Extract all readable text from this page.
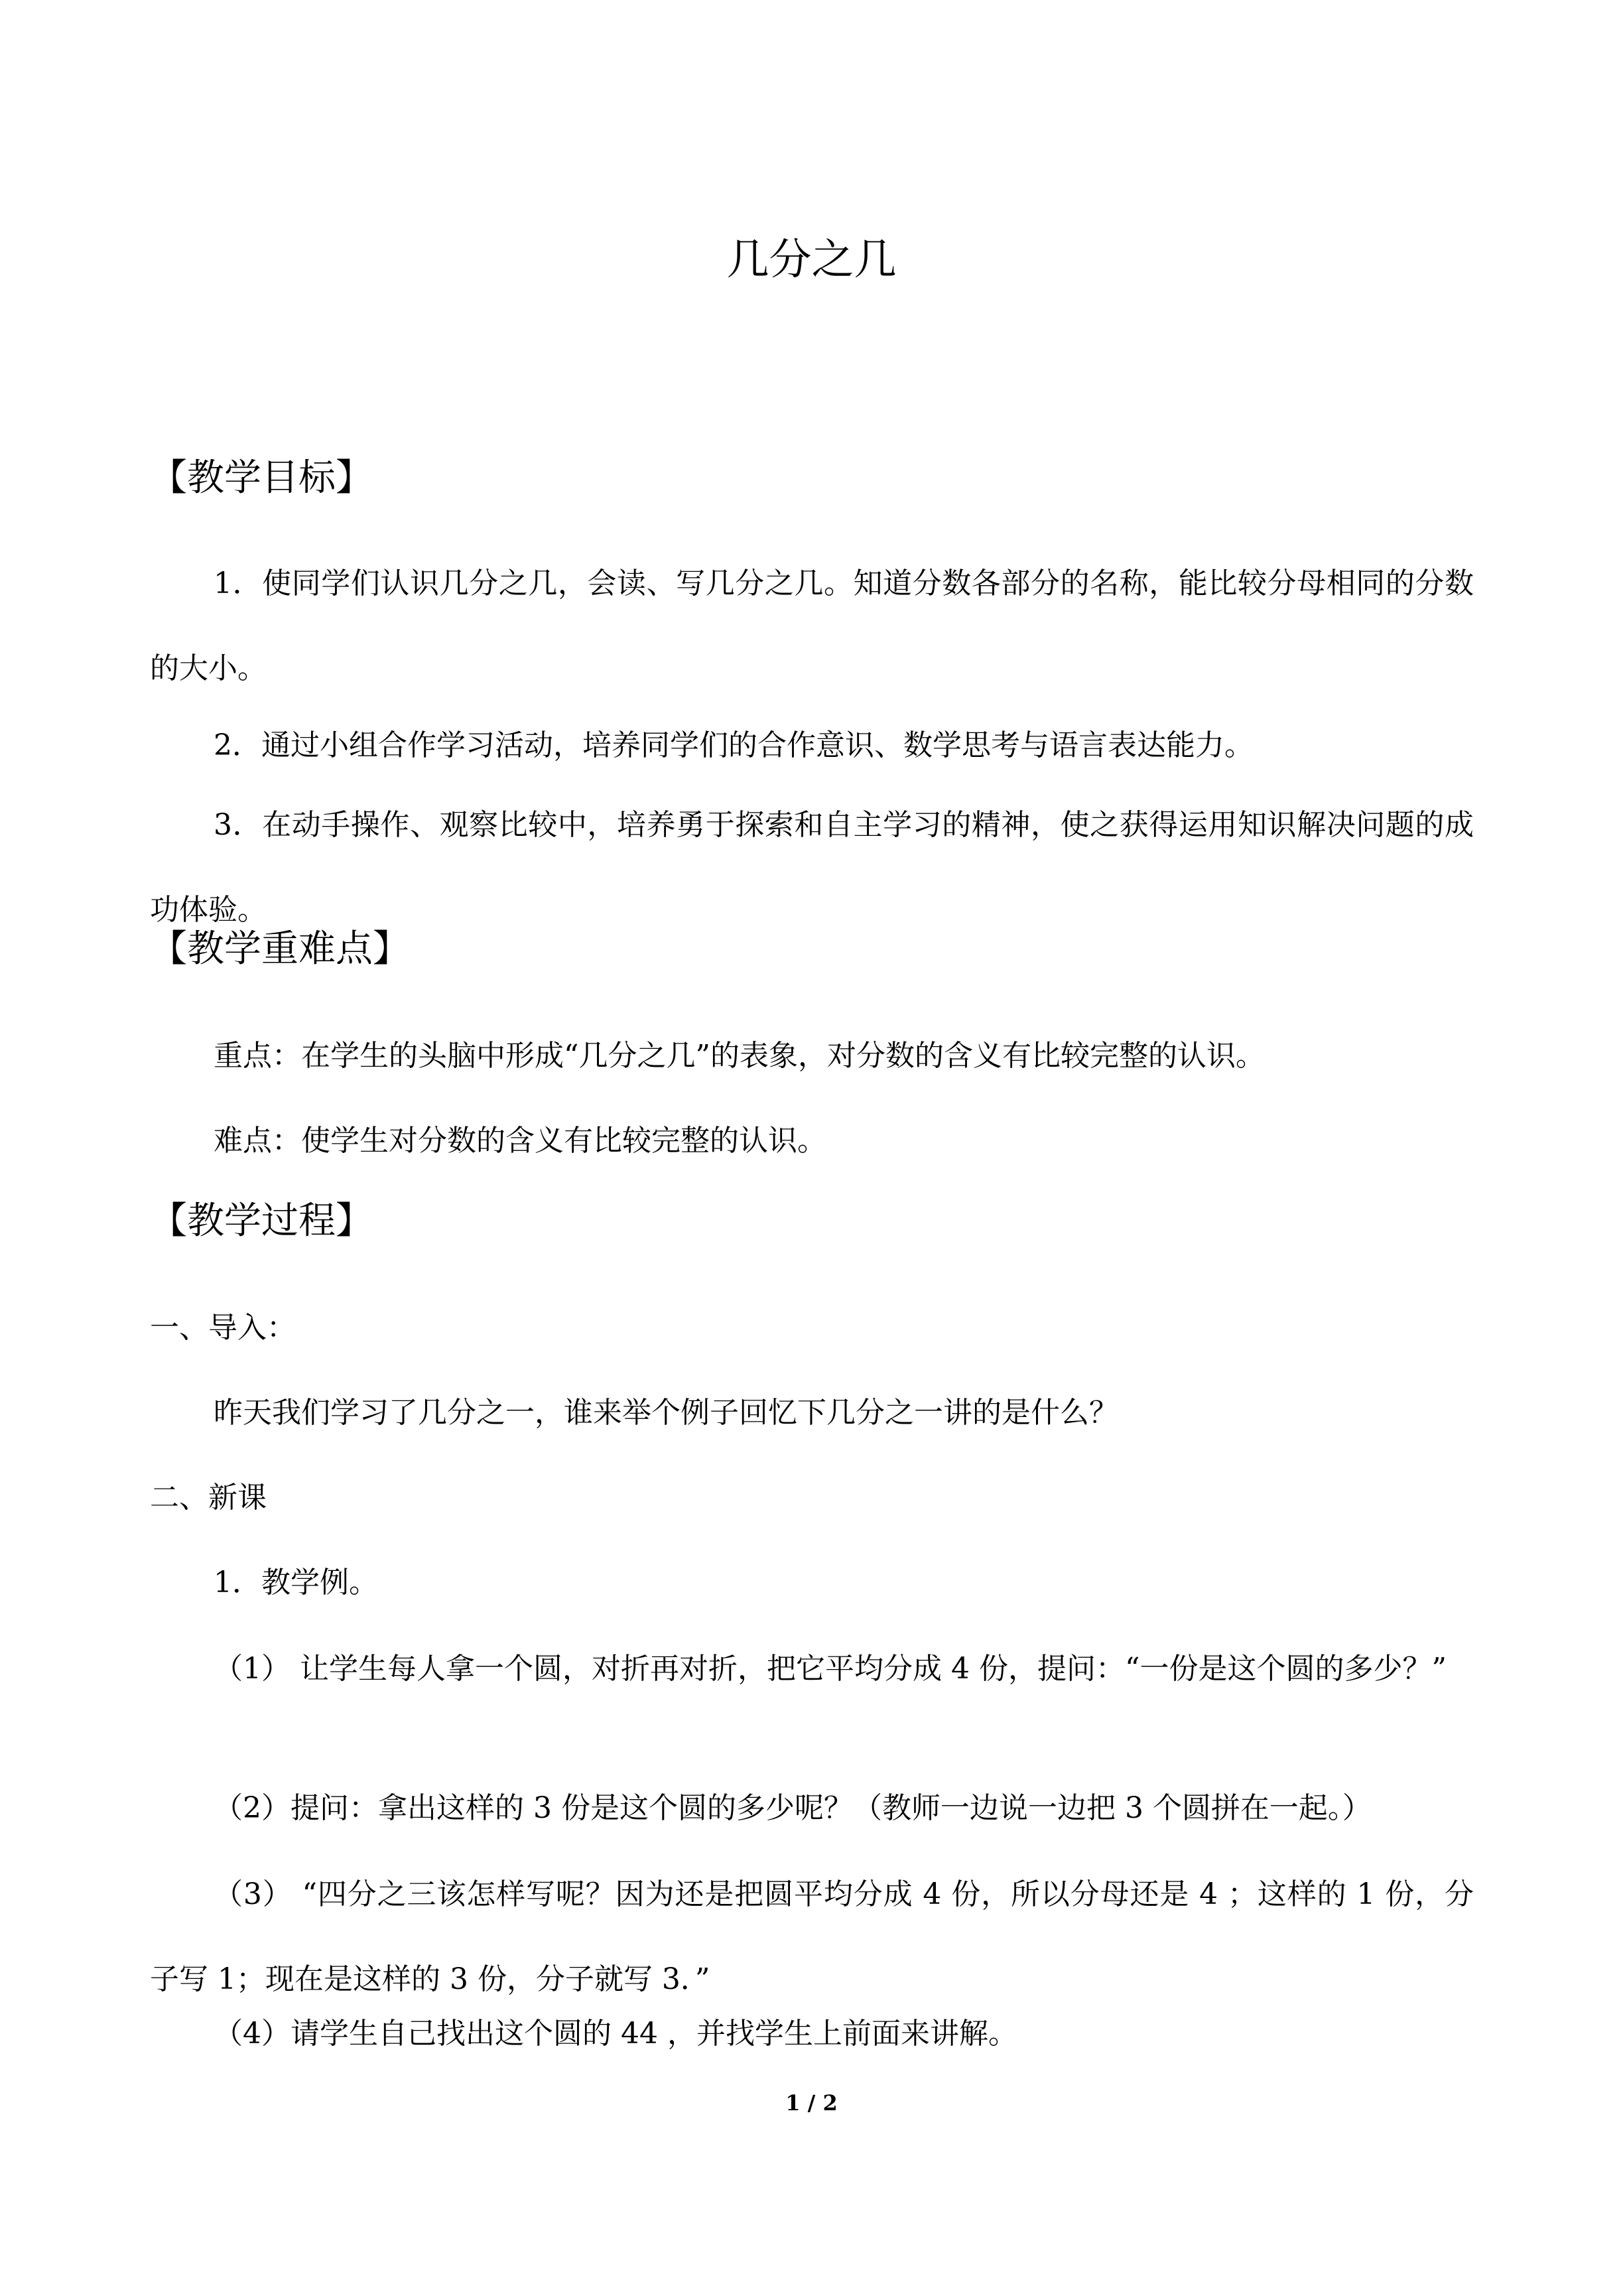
几分之几
【教学目标】

1．使同学们认识几分之几，会读、写几分之几。知道分数各部分的名称，能比较分母相同的分数的大小。

2．通过小组合作学习活动，培养同学们的合作意识、数学思考与语言表达能力。

3．在动手操作、观察比较中，培养勇于探索和自主学习的精神，使之获得运用知识解决问题的成功体验。

【教学重难点】

重点：在学生的头脑中形成“几分之几”的表象，对分数的含义有比较完整的认识。

难点：使学生对分数的含义有比较完整的认识。

【教学过程】

一、导入：

昨天我们学习了几分之一，谁来举个例子回忆下几分之一讲的是什么？

二、新课

1．教学例。

（1） 让学生每人拿一个圆，对折再对折，把它平均分成 4 份，提问：“一份是这个圆的多少？”

（2）提问：拿出这样的 3 份是这个圆的多少呢？（教师一边说一边把 3 个圆拼在一起。）

（3） “四分之三该怎样写呢？因为还是把圆平均分成 4 份，所以分母还是 4 ；这样的 1 份，分子写 1；现在是这样的 3 份，分子就写 3．”

（4）请学生自己找出这个圆的 44 ，并找学生上前面来讲解。

1 / 2
